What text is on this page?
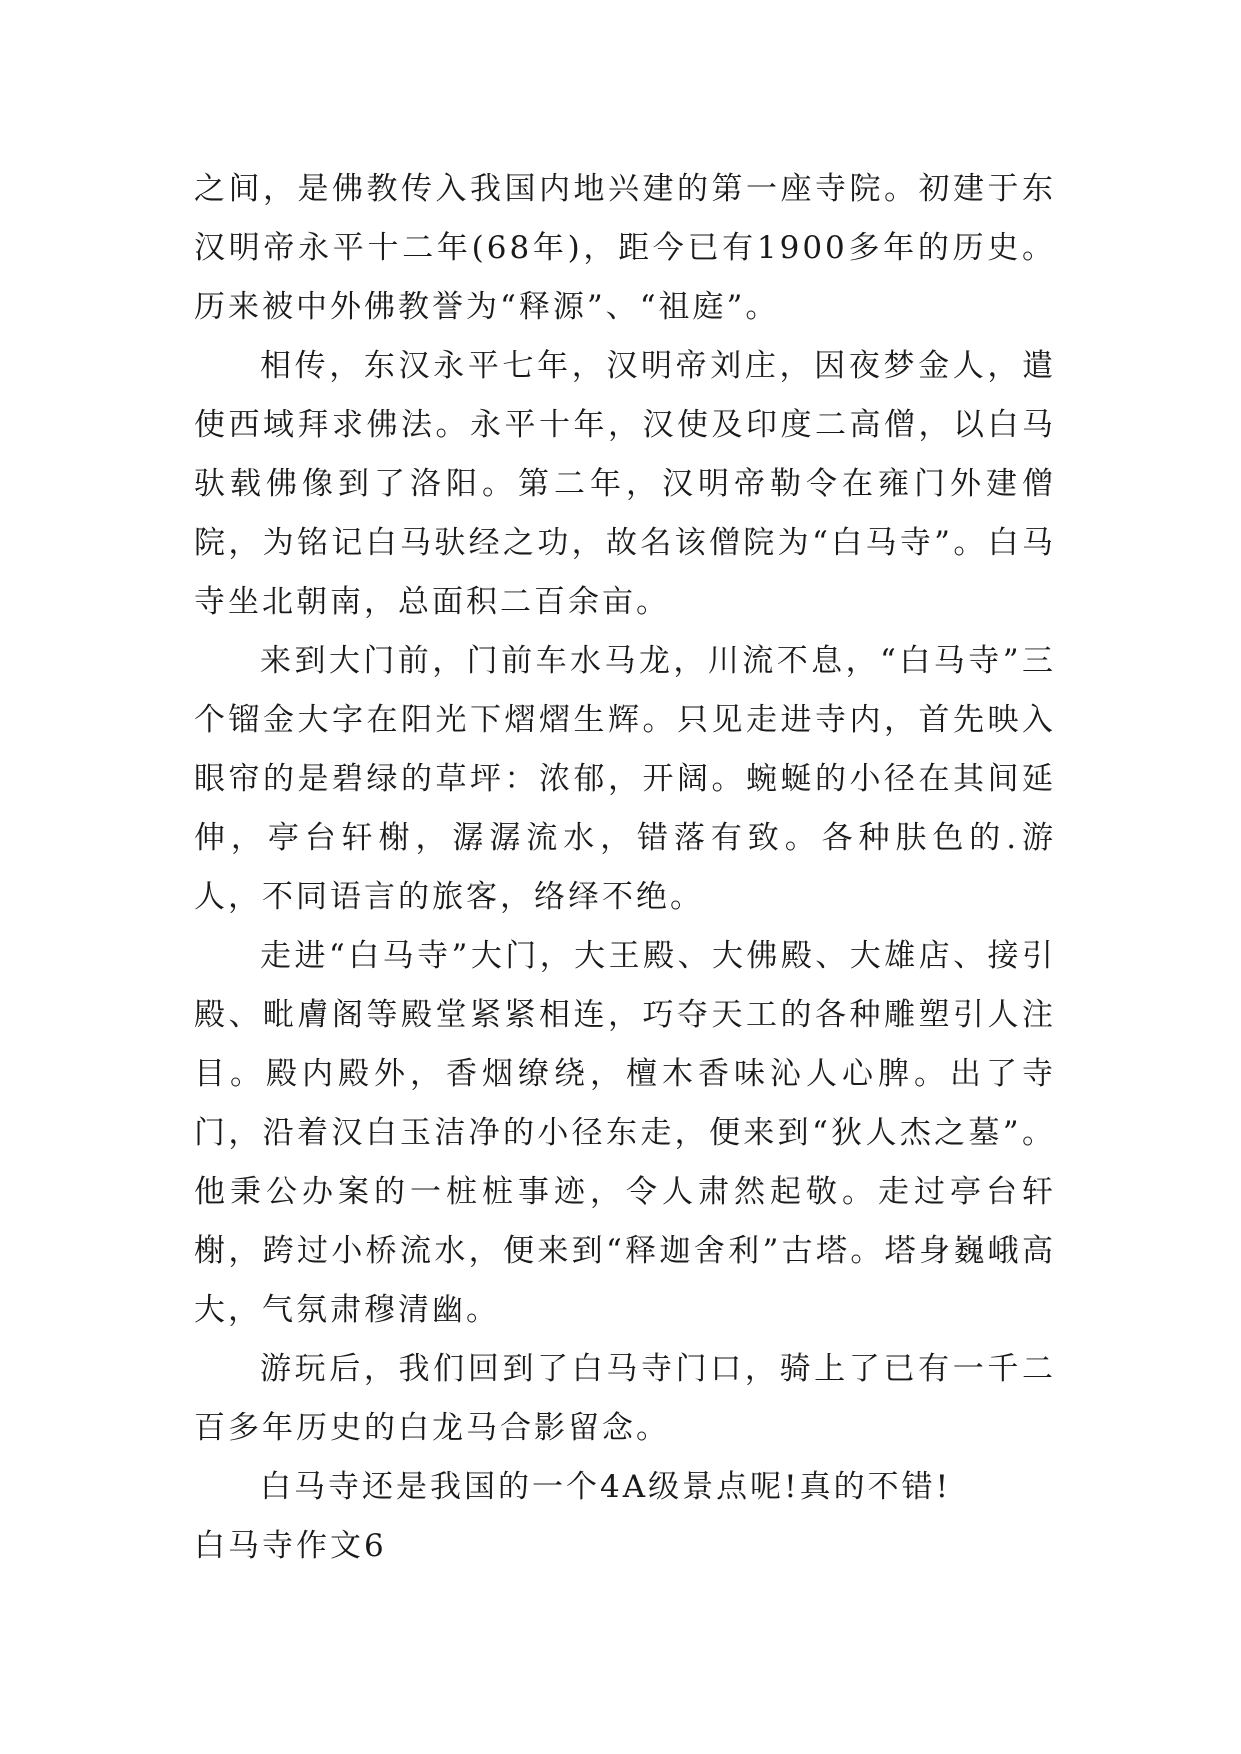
之间，是佛教传入我国内地兴建的第一座寺院。初建于东汉明帝永平十二年(68年)，距今已有1900多年的历史。历来被中外佛教誉为“释源”、“祖庭”。

相传，东汉永平七年，汉明帝刘庄，因夜梦金人，遣使西域拜求佛法。永平十年，汉使及印度二高僧，以白马驮载佛像到了洛阳。第二年，汉明帝勒令在雍门外建僧院，为铭记白马驮经之功，故名该僧院为“白马寺”。白马寺坐北朝南，总面积二百余亩。

来到大门前，门前车水马龙，川流不息，“白马寺”三个镏金大字在阳光下熠熠生辉。只见走进寺内，首先映入眼帘的是碧绿的草坪：浓郁，开阔。蜿蜒的小径在其间延伸，亭台轩榭，潺潺流水，错落有致。各种肤色的.游人，不同语言的旅客，络绎不绝。

走进“白马寺”大门，大王殿、大佛殿、大雄店、接引殿、毗膚阁等殿堂紧紧相连，巧夺天工的各种雕塑引人注目。殿内殿外，香烟缭绕，檀木香味沁人心脾。出了寺门，沿着汉白玉洁净的小径东走，便来到“狄人杰之墓”。他秉公办案的一桩桩事迹，令人肃然起敬。走过亭台轩榭，跨过小桥流水，便来到“释迦舍利”古塔。塔身巍峨高大，气氛肃穆清幽。

游玩后，我们回到了白马寺门口，骑上了已有一千二百多年历史的白龙马合影留念。

白马寺还是我国的一个4A级景点呢!真的不错!

白马寺作文6
